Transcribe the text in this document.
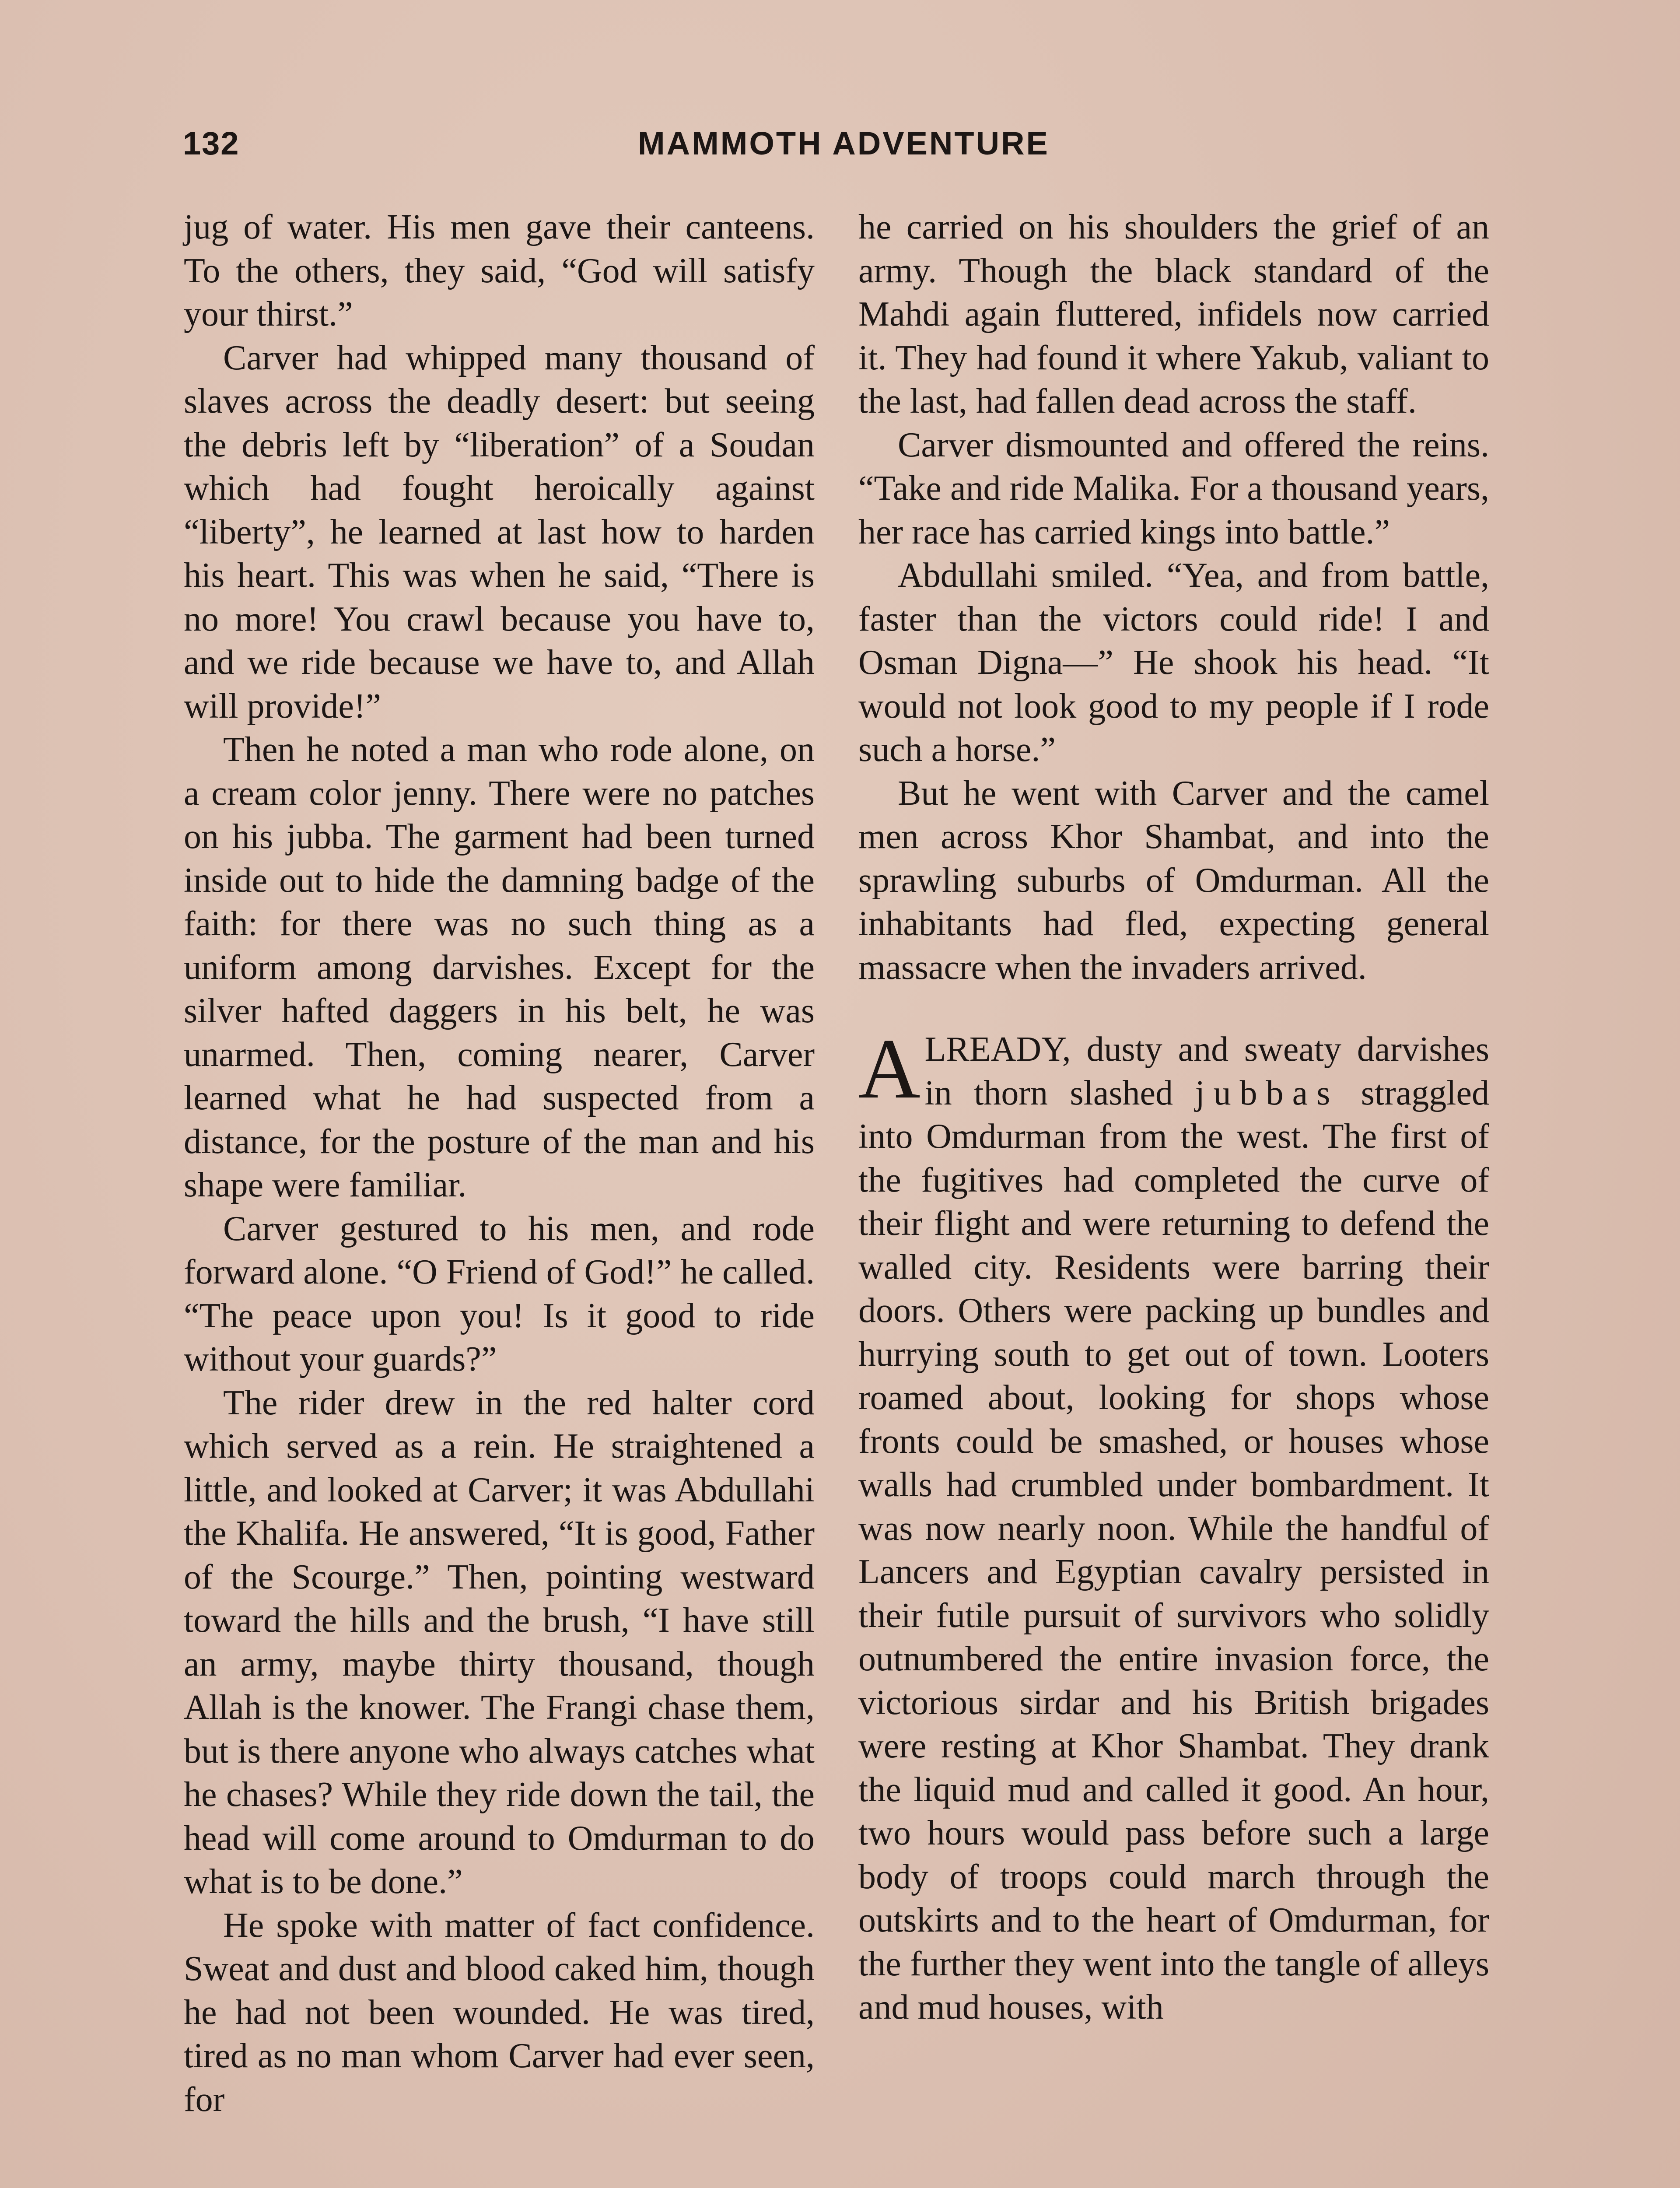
132	MAMMOTH ADVENTURE

jug of water. His men gave their canteens. To the others, they said, “God will satisfy your thirst.”

Carver had whipped many thousand of slaves across the deadly desert: but seeing the debris left by “liberation” of a Soudan which had fought heroically against “liberty”, he learned at last how to harden his heart. This was when he said, “There is no more! You crawl because you have to, and we ride because we have to, and Allah will provide!”

Then he noted a man who rode alone, on a cream color jenny. There were no patches on his jubba. The garment had been turned inside out to hide the damning badge of the faith: for there was no such thing as a uniform among darvishes. Except for the silver hafted daggers in his belt, he was unarmed. Then, coming nearer, Carver learned what he had suspected from a distance, for the posture of the man and his shape were familiar.

Carver gestured to his men, and rode forward alone. “O Friend of God!” he called. “The peace upon you! Is it good to ride without your guards?”

The rider drew in the red halter cord which served as a rein. He straightened a little, and looked at Carver; it was Abdullahi the Khalifa. He answered, “It is good, Father of the Scourge.” Then, pointing westward toward the hills and the brush, “I have still an army, maybe thirty thousand, though Allah is the knower. The Frangi chase them, but is there anyone who always catches what he chases? While they ride down the tail, the head will come around to Omdurman to do what is to be done.”

He spoke with matter of fact confidence. Sweat and dust and blood caked him, though he had not been wounded. He was tired, tired as no man whom Carver had ever seen, for

he carried on his shoulders the grief of an army. Though the black standard of the Mahdi again fluttered, infidels now carried it. They had found it where Yakub, valiant to the last, had fallen dead across the staff.

Carver dismounted and offered the reins. “Take and ride Malika. For a thousand years, her race has carried kings into battle.”

Abdullahi smiled. “Yea, and from battle, faster than the victors could ride! I and Osman Digna—” He shook his head. “It would not look good to my people if I rode such a horse.”

But he went with Carver and the camel men across Khor Shambat, and into the sprawling suburbs of Omdurman. All the inhabitants had fled, expecting general massacre when the invaders arrived.

ALREADY, dusty and sweaty darvishes in thorn slashed jubbas straggled into Omdurman from the west. The first of the fugitives had completed the curve of their flight and were returning to defend the walled city. Residents were barring their doors. Others were packing up bundles and hurrying south to get out of town. Looters roamed about, looking for shops whose fronts could be smashed, or houses whose walls had crumbled under bombardment. It was now nearly noon. While the handful of Lancers and Egyptian cavalry persisted in their futile pursuit of survivors who solidly outnumbered the entire invasion force, the victorious sirdar and his British brigades were resting at Khor Shambat. They drank the liquid mud and called it good. An hour, two hours would pass before such a large body of troops could march through the outskirts and to the heart of Omdurman, for the further they went into the tangle of alleys and mud houses, with
